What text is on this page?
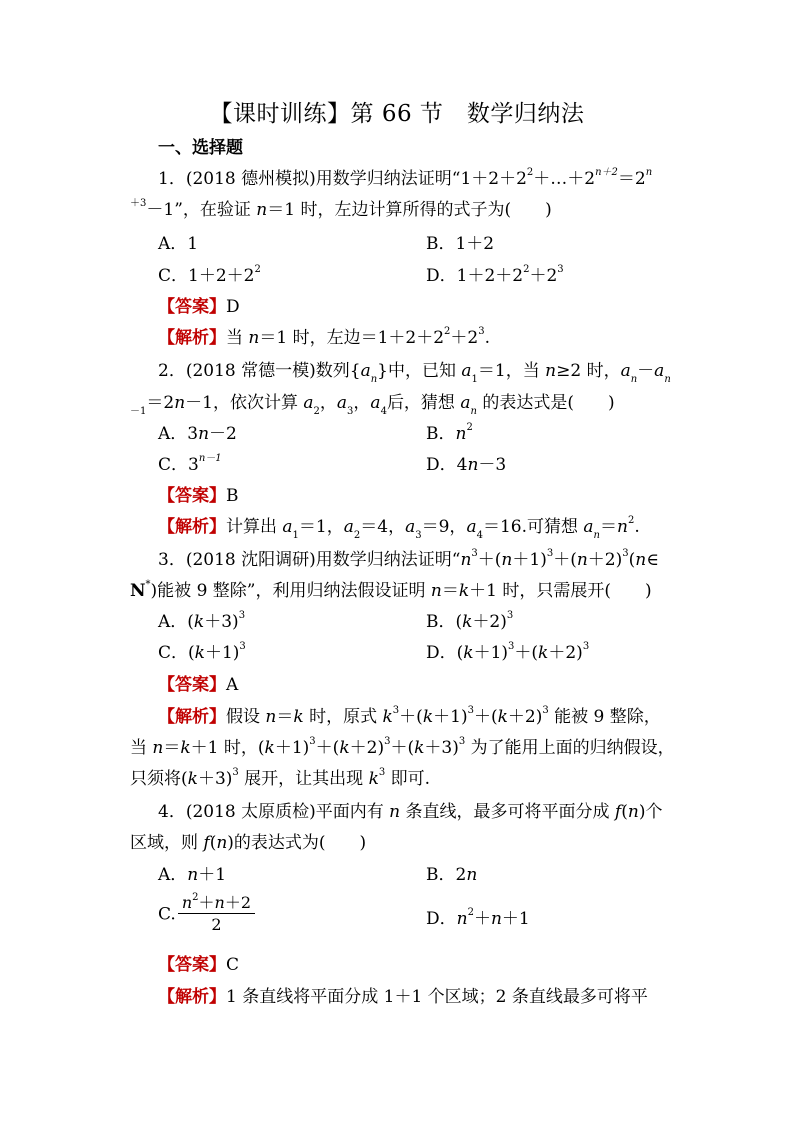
【课时训练】第 66 节　数学归纳法
一、选择题
1．(2018 德州模拟)用数学归纳法证明“$1+2+2^2+\dots+2^{n+2}=2^n$
$^{+3}$－1”，在验证 n＝1 时，左边计算所得的式子为(　　)
A．1	B．1＋2
C．$1+2+2^2$	D．$1+2+2^2+2^3$
【答案】D
【解析】当 n＝1 时，左边$=1+2+2^2+2^3$.
2．(2018 常德一模)数列$\{a_n\}$中，已知 $a_1=1$，当 n≥2 时，$a_n-a_n$
$_{-1}$＝2n－1，依次计算 $a_2$，$a_3$，$a_4$后，猜想 $a_n$ 的表达式是(　　)
A．3n－2	B．$n^2$
C．$3^{n-1}$	D．4n－3
【答案】B
【解析】计算出 $a_1=1$，$a_2=4$，$a_3=9$，$a_4=16$.可猜想 $a_n=n^2$.
3．(2018 沈阳调研)用数学归纳法证明“$n^3+(n+1)^3+(n+2)^3(n\in$
N*)能被 9 整除”，利用归纳法假设证明 n＝k＋1 时，只需展开(　　)
A．$(k+3)^3$	B．$(k+2)^3$
C．$(k+1)^3$	D．$(k+1)^3+(k+2)^3$
【答案】A
【解析】假设 n＝k 时，原式 $k^3+(k+1)^3+(k+2)^3$ 能被 9 整除，
当 n＝k＋1 时，$(k+1)^3+(k+2)^3+(k+3)^3$ 为了能用上面的归纳假设，
只须将$(k+3)^3$ 展开，让其出现 $k^3$ 即可.
4．(2018 太原质检)平面内有 n 条直线，最多可将平面分成 f(n)个
区域，则 f(n)的表达式为(　　)
A．n＋1	B．2n
C. $\frac{n^2+n+2}{2}$	D．$n^2+n+1$
【答案】C
【解析】1 条直线将平面分成 1＋1 个区域；2 条直线最多可将平
